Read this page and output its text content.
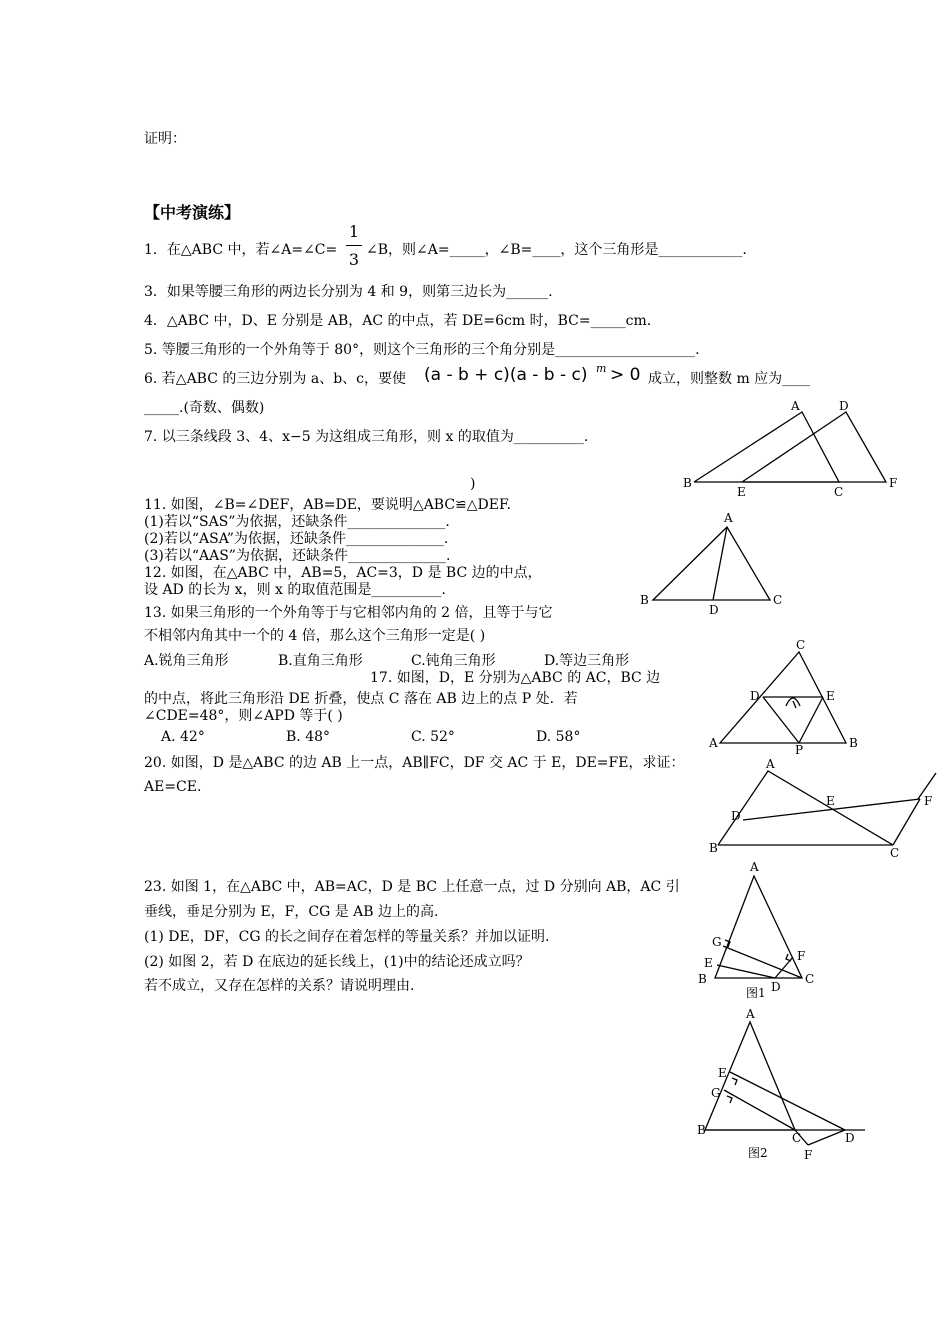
证明：
【中考演练】
1．在△ABC 中，若∠A=∠C=
1
3 ∠B，则∠A=_____，∠B=____，这个三角形是____________.
3．如果等腰三角形的两边长分别为 4 和 9，则第三边长为______.
4．△ABC 中，D、E 分别是 AB，AC 的中点，若 DE=6cm 时，BC=_____cm.
5. 等腰三角形的一个外角等于 80°，则这个三角形的三个角分别是____________________.
6. 若△ABC 的三边分别为 a、b、c，要使 (a - b + c)(a - b - c) m > 0 成立，则整数 m 应为____
_____.(奇数、偶数)
7. 以三条线段 3、4、x−5 为这组成三角形，则 x 的取值为__________.
)
11. 如图，∠B=∠DEF，AB=DE，要说明△ABC≌△DEF.
(1)若以“SAS”为依据，还缺条件______________.
(2)若以“ASA”为依据，还缺条件______________.
(3)若以“AAS”为依据，还缺条件______________.
12. 如图，在△ABC 中，AB=5，AC=3，D 是 BC 边的中点，
设 AD 的长为 x，则 x 的取值范围是__________.
13. 如果三角形的一个外角等于与它相邻内角的 2 倍，且等于与它
不相邻内角其中一个的 4 倍，那么这个三角形一定是( )
A.锐角三角形	B.直角三角形	C.钝角三角形	D.等边三角形
17. 如图，D，E 分别为△ABC 的 AC，BC 边
的中点，将此三角形沿 DE 折叠，使点 C 落在 AB 边上的点 P 处．若
∠CDE=48°，则∠APD 等于( )
A. 42°	B. 48°	C. 52°	D. 58°
20. 如图，D 是△ABC 的边 AB 上一点，AB∥FC，DF 交 AC 于 E，DE=FE，求证：
AE=CE.
23. 如图 1，在△ABC 中，AB=AC，D 是 BC 上任意一点，过 D 分别向 AB，AC 引
垂线，垂足分别为 E，F，CG 是 AB 边上的高.
(1) DE，DF，CG 的长之间存在着怎样的等量关系？并加以证明.
(2) 如图 2，若 D 在底边的延长线上，(1)中的结论还成立吗？
若不成立，又存在怎样的关系？请说明理由.
A	D
B
E	C
F
A
B
D
C
C
D	E
A	P	B
A
D
E	F
B	C
A
G
F
E
B
D
C
图1
A
E
G
B
C	D
F
图2
